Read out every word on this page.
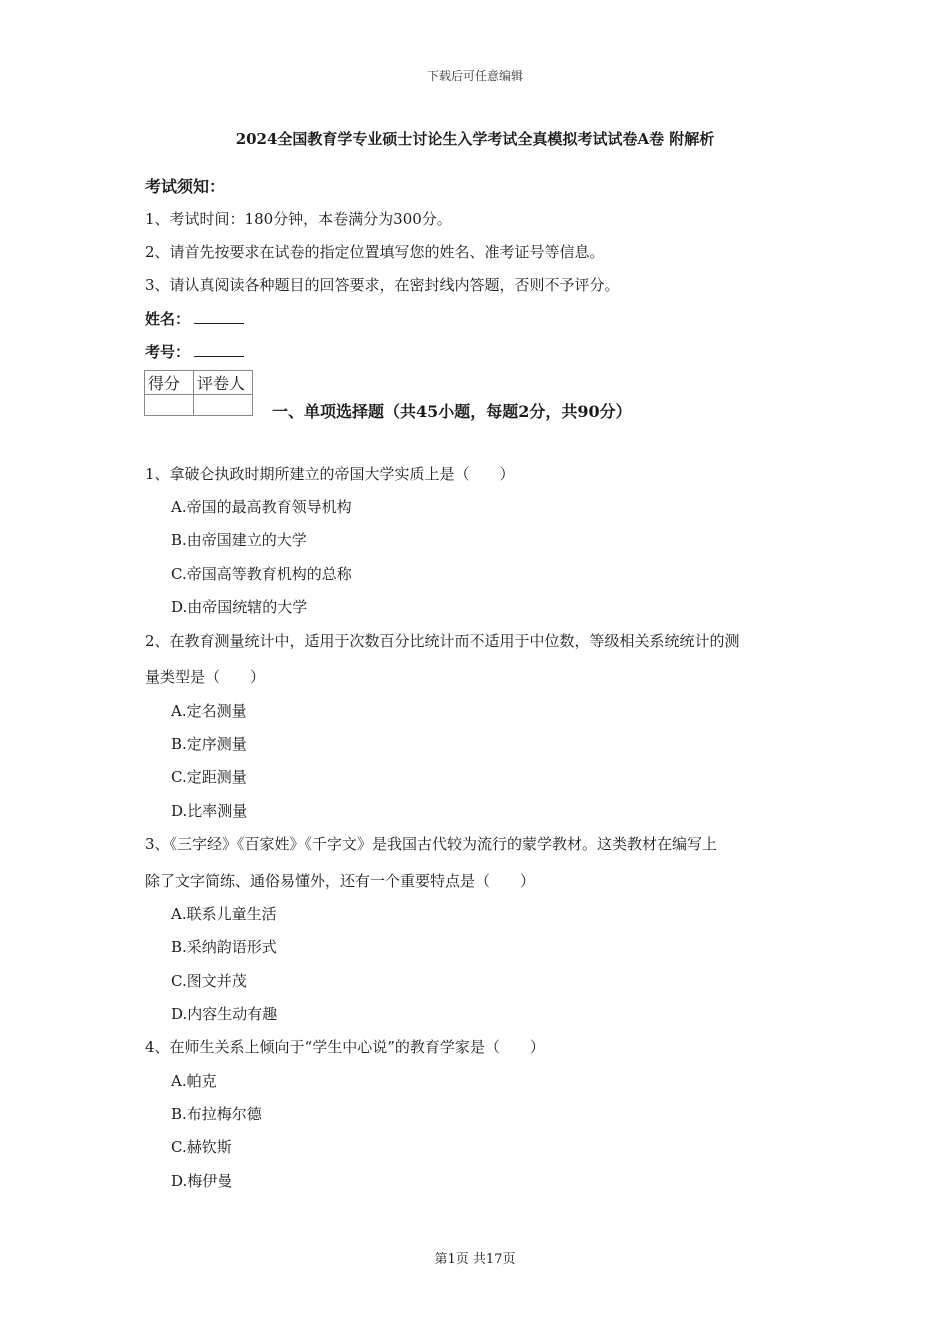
下载后可任意编辑
2024全国教育学专业硕士讨论生入学考试全真模拟考试试卷A卷 附解析
考试须知：
1、考试时间：180分钟，本卷满分为300分。
2、请首先按要求在试卷的指定位置填写您的姓名、准考证号等信息。
3、请认真阅读各种题目的回答要求，在密封线内答题，否则不予评分。
姓名：
考号：
得分	评卷人

一、单项选择题（共45小题，每题2分，共90分）
1、拿破仑执政时期所建立的帝国大学实质上是（　　）
A.帝国的最高教育领导机构
B.由帝国建立的大学
C.帝国高等教育机构的总称
D.由帝国统辖的大学
2、在教育测量统计中，适用于次数百分比统计而不适用于中位数，等级相关系统统计的测
量类型是（　　）
A.定名测量
B.定序测量
C.定距测量
D.比率测量
3、《三字经》《百家姓》《千字文》是我国古代较为流行的蒙学教材。这类教材在编写上
除了文字简练、通俗易懂外，还有一个重要特点是（　　）
A.联系儿童生活
B.采纳韵语形式
C.图文并茂
D.内容生动有趣
4、在师生关系上倾向于“学生中心说”的教育学家是（　　）
A.帕克
B.布拉梅尔德
C.赫钦斯
D.梅伊曼
第1页 共17页
